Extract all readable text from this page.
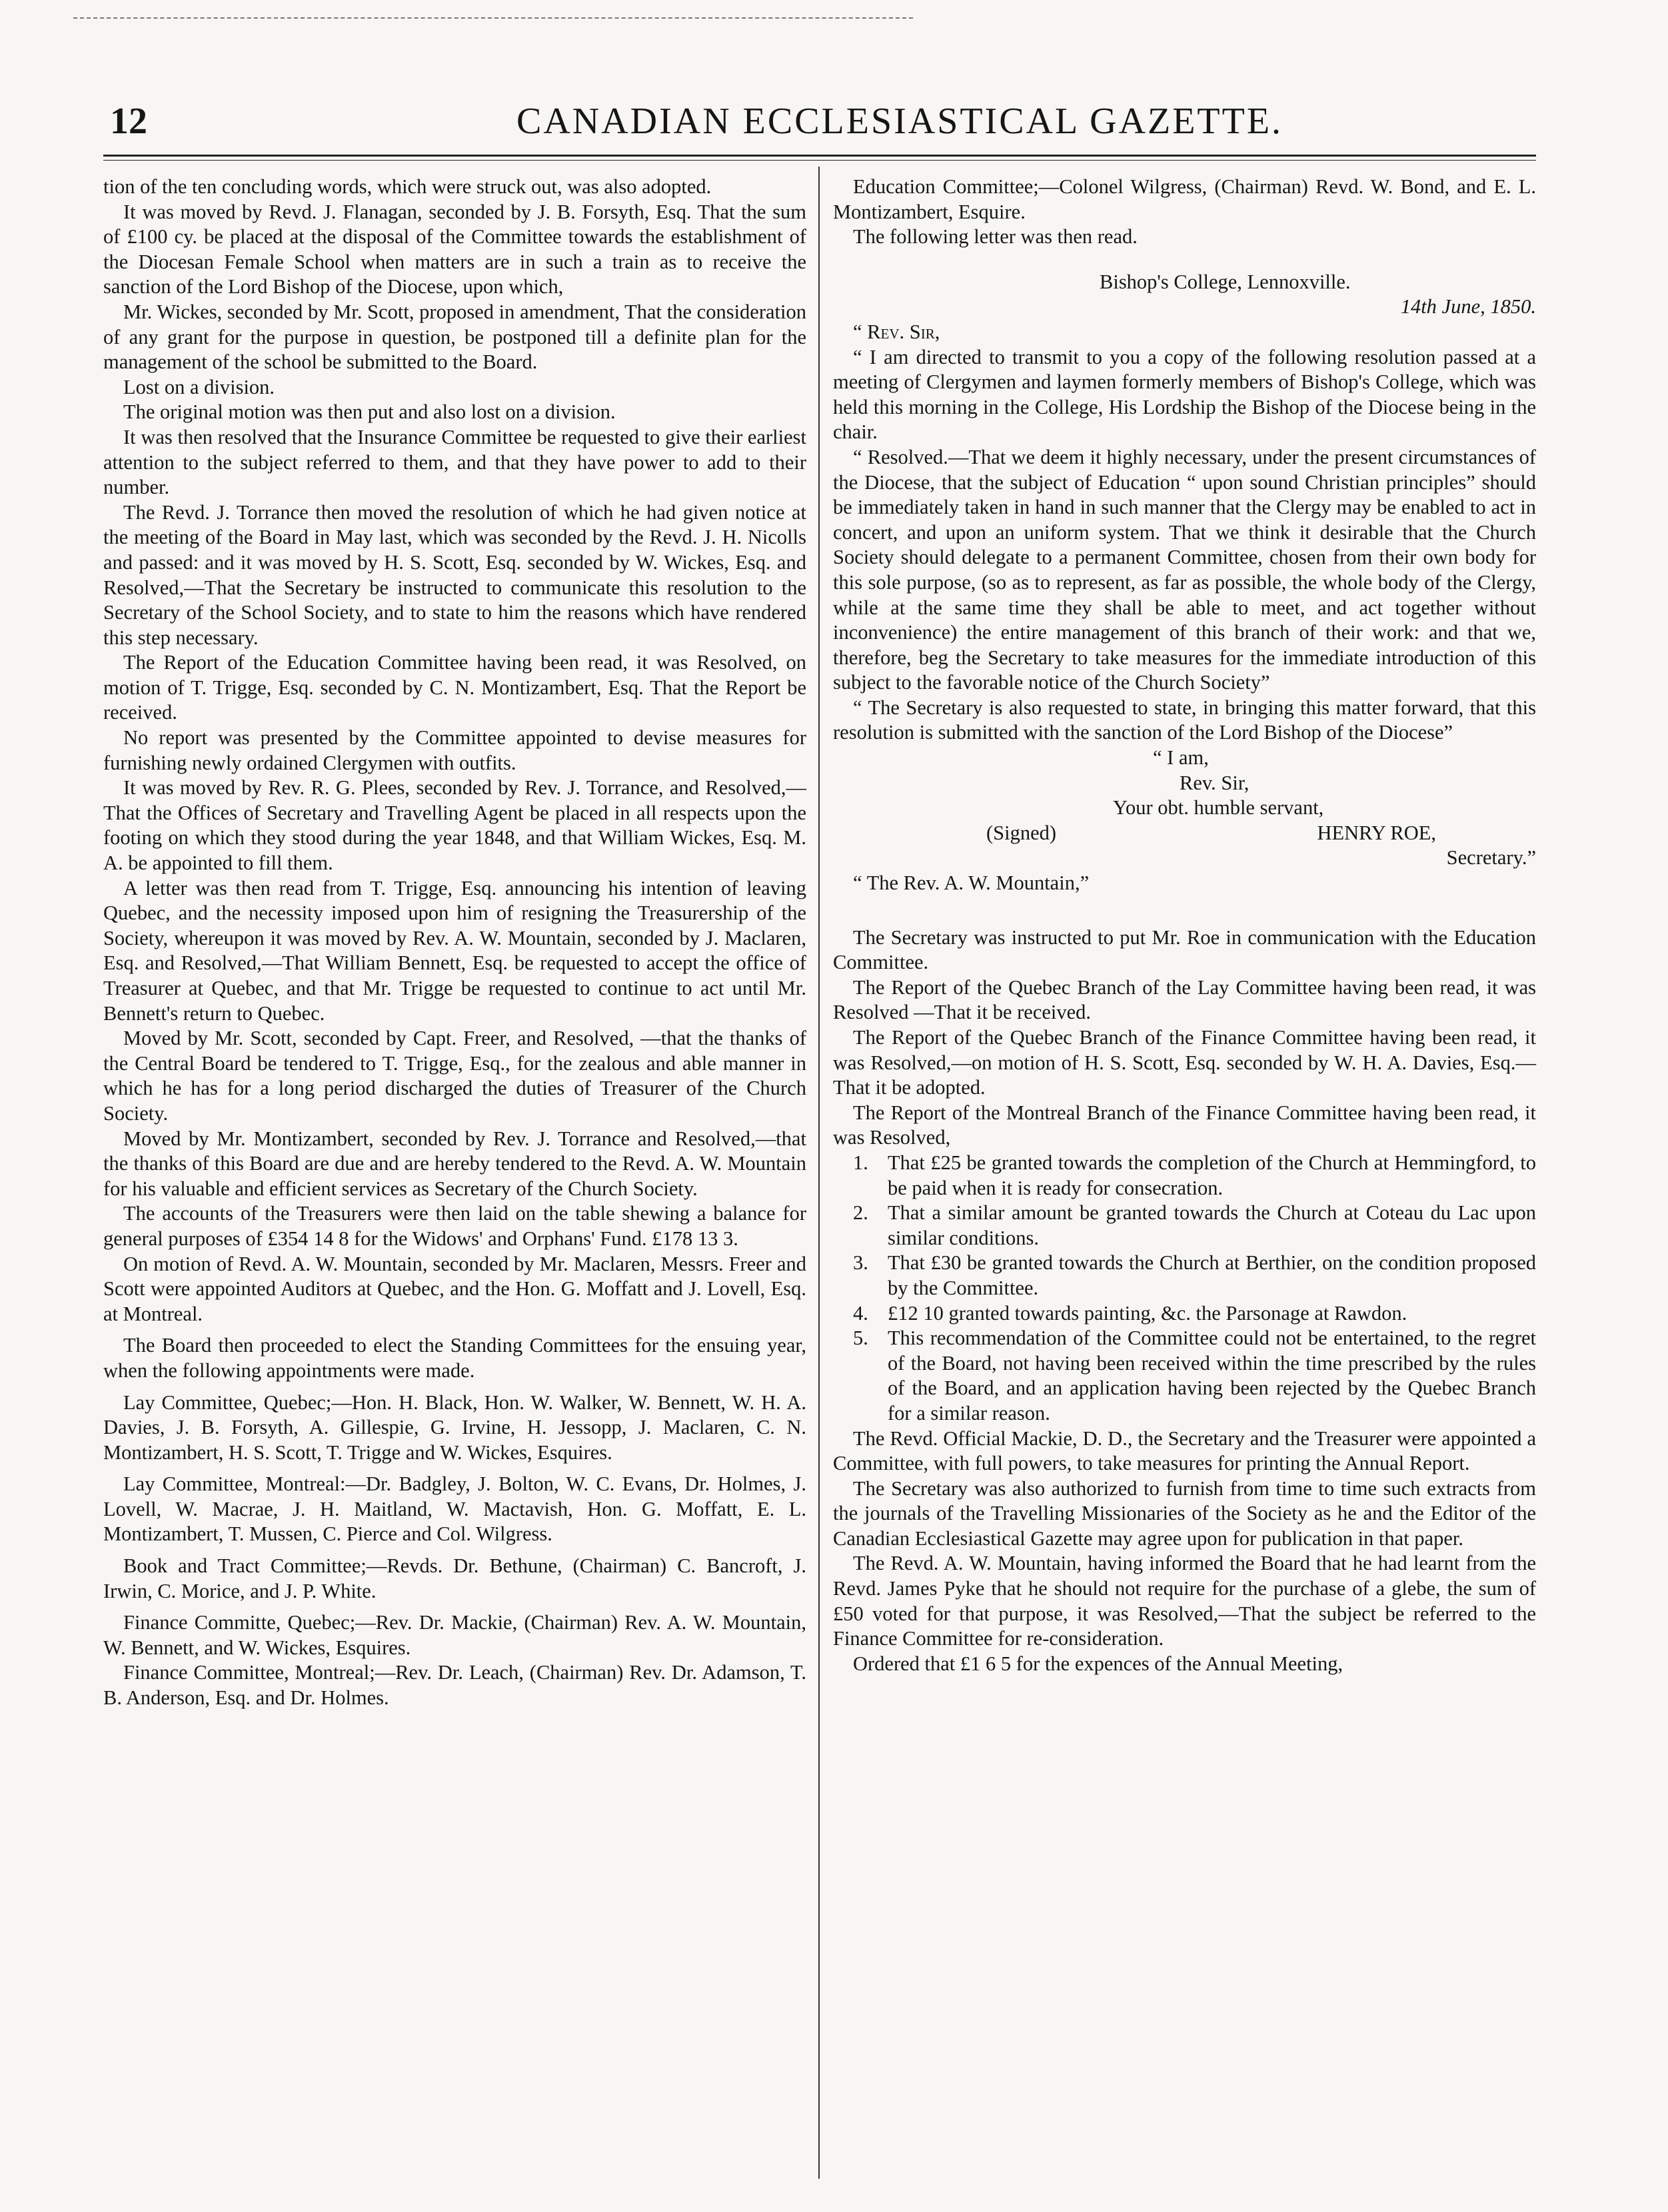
12	CANADIAN ECCLESIASTICAL GAZETTE.

tion of the ten concluding words, which were struck out, was also adopted.

It was moved by Revd. J. Flanagan, seconded by J. B. Forsyth, Esq. That the sum of £100 cy. be placed at the disposal of the Committee towards the establishment of the Diocesan Female School when matters are in such a train as to receive the sanction of the Lord Bishop of the Diocese, upon which,

Mr. Wickes, seconded by Mr. Scott, proposed in amendment, That the consideration of any grant for the purpose in question, be postponed till a definite plan for the management of the school be submitted to the Board.

Lost on a division.

The original motion was then put and also lost on a division.

It was then resolved that the Insurance Committee be requested to give their earliest attention to the subject referred to them, and that they have power to add to their number.

The Revd. J. Torrance then moved the resolution of which he had given notice at the meeting of the Board in May last, which was seconded by the Revd. J. H. Nicolls and passed: and it was moved by H. S. Scott, Esq. seconded by W. Wickes, Esq. and Resolved,—That the Secretary be instructed to communicate this resolution to the Secretary of the School Society, and to state to him the reasons which have rendered this step necessary.

The Report of the Education Committee having been read, it was Resolved, on motion of T. Trigge, Esq. seconded by C. N. Montizambert, Esq. That the Report be received.

No report was presented by the Committee appointed to devise measures for furnishing newly ordained Clergymen with outfits.

It was moved by Rev. R. G. Plees, seconded by Rev. J. Torrance, and Resolved,—That the Offices of Secretary and Travelling Agent be placed in all respects upon the footing on which they stood during the year 1848, and that William Wickes, Esq. M. A. be appointed to fill them.

A letter was then read from T. Trigge, Esq. announcing his intention of leaving Quebec, and the necessity imposed upon him of resigning the Treasurership of the Society, whereupon it was moved by Rev. A. W. Mountain, seconded by J. Maclaren, Esq. and Resolved,—That William Bennett, Esq. be requested to accept the office of Treasurer at Quebec, and that Mr. Trigge be requested to continue to act until Mr. Bennett's return to Quebec.

Moved by Mr. Scott, seconded by Capt. Freer, and Resolved, —that the thanks of the Central Board be tendered to T. Trigge, Esq., for the zealous and able manner in which he has for a long period discharged the duties of Treasurer of the Church Society.

Moved by Mr. Montizambert, seconded by Rev. J. Torrance and Resolved,—that the thanks of this Board are due and are hereby tendered to the Revd. A. W. Mountain for his valuable and efficient services as Secretary of the Church Society.

The accounts of the Treasurers were then laid on the table shewing a balance for general purposes of £354 14 8 for the Widows' and Orphans' Fund. £178 13 3.

On motion of Revd. A. W. Mountain, seconded by Mr. Maclaren, Messrs. Freer and Scott were appointed Auditors at Quebec, and the Hon. G. Moffatt and J. Lovell, Esq. at Montreal.

The Board then proceeded to elect the Standing Committees for the ensuing year, when the following appointments were made.

Lay Committee, Quebec;—Hon. H. Black, Hon. W. Walker, W. Bennett, W. H. A. Davies, J. B. Forsyth, A. Gillespie, G. Irvine, H. Jessopp, J. Maclaren, C. N. Montizambert, H. S. Scott, T. Trigge and W. Wickes, Esquires.

Lay Committee, Montreal:—Dr. Badgley, J. Bolton, W. C. Evans, Dr. Holmes, J. Lovell, W. Macrae, J. H. Maitland, W. Mactavish, Hon. G. Moffatt, E. L. Montizambert, T. Mussen, C. Pierce and Col. Wilgress.

Book and Tract Committee;—Revds. Dr. Bethune, (Chairman) C. Bancroft, J. Irwin, C. Morice, and J. P. White.

Finance Committe, Quebec;—Rev. Dr. Mackie, (Chairman) Rev. A. W. Mountain, W. Bennett, and W. Wickes, Esquires.

Finance Committee, Montreal;—Rev. Dr. Leach, (Chairman) Rev. Dr. Adamson, T. B. Anderson, Esq. and Dr. Holmes.

Education Committee;—Colonel Wilgress, (Chairman) Revd. W. Bond, and E. L. Montizambert, Esquire.

The following letter was then read.

Bishop's College, Lennoxville.

14th June, 1850.

“ Rev. Sir,

“ I am directed to transmit to you a copy of the following resolution passed at a meeting of Clergymen and laymen formerly members of Bishop's College, which was held this morning in the College, His Lordship the Bishop of the Diocese being in the chair.

“ Resolved.—That we deem it highly necessary, under the present circumstances of the Diocese, that the subject of Education “ upon sound Christian principles” should be immediately taken in hand in such manner that the Clergy may be enabled to act in concert, and upon an uniform system. That we think it desirable that the Church Society should delegate to a permanent Committee, chosen from their own body for this sole purpose, (so as to represent, as far as possible, the whole body of the Clergy, while at the same time they shall be able to meet, and act together without inconvenience) the entire management of this branch of their work: and that we, therefore, beg the Secretary to take measures for the immediate introduction of this subject to the favorable notice of the Church Society”

“ The Secretary is also requested to state, in bringing this matter forward, that this resolution is submitted with the sanction of the Lord Bishop of the Diocese”

“ I am,

Rev. Sir,

Your obt. humble servant,

(Signed)	HENRY ROE,

Secretary.”

“ The Rev. A. W. Mountain,”

The Secretary was instructed to put Mr. Roe in communication with the Education Committee.

The Report of the Quebec Branch of the Lay Committee having been read, it was Resolved —That it be received.

The Report of the Quebec Branch of the Finance Committee having been read, it was Resolved,—on motion of H. S. Scott, Esq. seconded by W. H. A. Davies, Esq.—That it be adopted.

The Report of the Montreal Branch of the Finance Committee having been read, it was Resolved,

1. That £25 be granted towards the completion of the Church at Hemmingford, to be paid when it is ready for consecration.
2. That a similar amount be granted towards the Church at Coteau du Lac upon similar conditions.
3. That £30 be granted towards the Church at Berthier, on the condition proposed by the Committee.
4. £12 10 granted towards painting, &c. the Parsonage at Rawdon.
5. This recommendation of the Committee could not be entertained, to the regret of the Board, not having been received within the time prescribed by the rules of the Board, and an application having been rejected by the Quebec Branch for a similar reason.

The Revd. Official Mackie, D. D., the Secretary and the Treasurer were appointed a Committee, with full powers, to take measures for printing the Annual Report.

The Secretary was also authorized to furnish from time to time such extracts from the journals of the Travelling Missionaries of the Society as he and the Editor of the Canadian Ecclesiastical Gazette may agree upon for publication in that paper.

The Revd. A. W. Mountain, having informed the Board that he had learnt from the Revd. James Pyke that he should not require for the purchase of a glebe, the sum of £50 voted for that purpose, it was Resolved,—That the subject be referred to the Finance Committee for re-consideration.

Ordered that £1 6 5 for the expences of the Annual Meeting,
